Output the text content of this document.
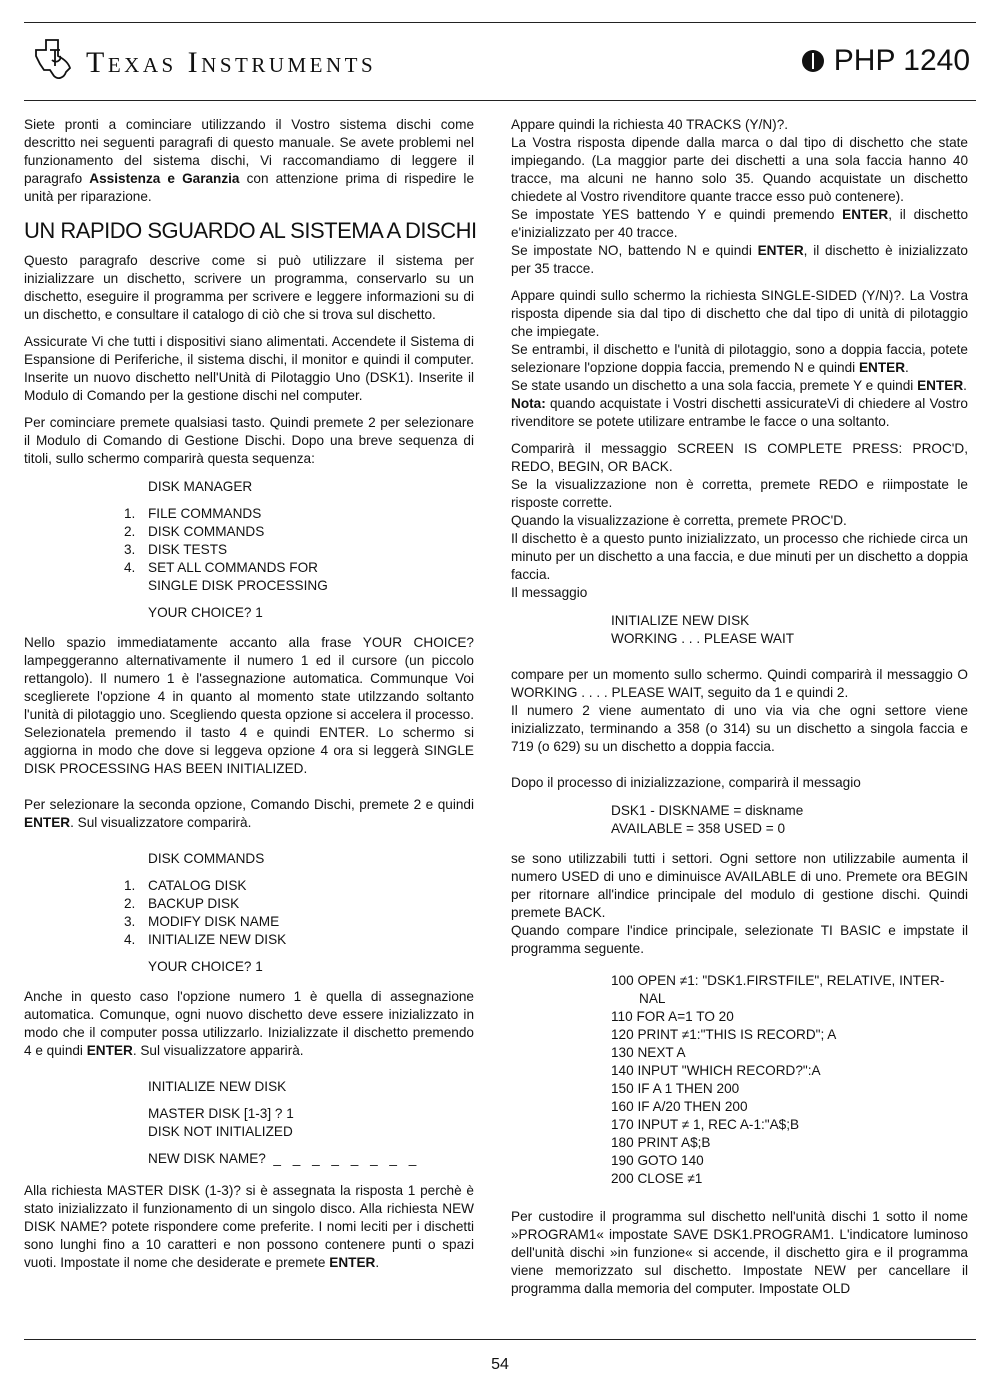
Texas Instruments	PHP 1240

Siete pronti a cominciare utilizzando il Vostro sistema dischi come descritto nei seguenti paragrafi di questo manuale. Se avete problemi nel funzionamento del sistema dischi, Vi raccomandiamo di leggere il paragrafo Assistenza e Garanzia con attenzione prima di rispedire le unità per riparazione.

UN RAPIDO SGUARDO AL SISTEMA A DISCHI

Questo paragrafo descrive come si può utilizzare il sistema per inizializzare un dischetto, scrivere un programma, conservarlo su un dischetto, eseguire il programma per scrivere e leggere informazioni su di un dischetto, e consultare il catalogo di ciò che si trova sul dischetto.

Assicurate Vi che tutti i dispositivi siano alimentati. Accendete il Sistema di Espansione di Periferiche, il sistema dischi, il monitor e quindi il computer. Inserite un nuovo dischetto nell'Unità di Pilotaggio Uno (DSK1). Inserite il Modulo di Comando per la gestione dischi nel computer.

Per cominciare premete qualsiasi tasto. Quindi premete 2 per selezionare il Modulo di Comando di Gestione Dischi. Dopo una breve sequenza di titoli, sullo schermo comparirà questa sequenza:

DISK MANAGER
1. FILE COMMANDS
2. DISK COMMANDS
3. DISK TESTS
4. SET ALL COMMANDS FOR
SINGLE DISK PROCESSING
YOUR CHOICE? 1

Nello spazio immediatamente accanto alla frase YOUR CHOICE? lampeggeranno alternativamente il numero 1 ed il cursore (un piccolo rettangolo). Il numero 1 è l'assegnazione automatica. Communque Voi sceglierete l'opzione 4 in quanto al momento state utilzzando soltanto l'unità di pilotaggio uno. Scegliendo questa opzione si accelera il processo. Selezionatela premendo il tasto 4 e quindi ENTER. Lo schermo si aggiorna in modo che dove si leggeva opzione 4 ora si leggerà SINGLE DISK PROCESSING HAS BEEN INITIALIZED.

Per selezionare la seconda opzione, Comando Dischi, premete 2 e quindi ENTER. Sul visualizzatore comparirà.

DISK COMMANDS
1. CATALOG DISK
2. BACKUP DISK
3. MODIFY DISK NAME
4. INITIALIZE NEW DISK
YOUR CHOICE? 1

Anche in questo caso l'opzione numero 1 è quella di assegnazione automatica. Comunque, ogni nuovo dischetto deve essere inizializzato in modo che il computer possa utilizzarlo. Inizializzate il dischetto premendo 4 e quindi ENTER. Sul visualizzatore apparirà.

INITIALIZE NEW DISK
MASTER DISK [1-3] ? 1
DISK NOT INITIALIZED
NEW DISK NAME? _ _ _ _ _ _ _ _

Alla richiesta MASTER DISK (1-3)? si è assegnata la risposta 1 perchè è stato inizializzato il funzionamento di un singolo disco. Alla richiesta NEW DISK NAME? potete rispondere come preferite. I nomi leciti per i dischetti sono lunghi fino a 10 caratteri e non possono contenere punti o spazi vuoti. Impostate il nome che desiderate e premete ENTER.

Appare quindi la richiesta 40 TRACKS (Y/N)?.

La Vostra risposta dipende dalla marca o dal tipo di dischetto che state impiegando. (La maggior parte dei dischetti a una sola faccia hanno 40 tracce, ma alcuni ne hanno solo 35. Quando acquistate un dischetto chiedete al Vostro rivenditore quante tracce esso può contenere).

Se impostate YES battendo Y e quindi premendo ENTER, il dischetto e'inizializzato per 40 tracce.

Se impostate NO, battendo N e quindi ENTER, il dischetto è inizializzato per 35 tracce.

Appare quindi sullo schermo la richiesta SINGLE-SIDED (Y/N)?. La Vostra risposta dipende sia dal tipo di dischetto che dal tipo di unità di pilotaggio che impiegate.

Se entrambi, il dischetto e l'unità di pilotaggio, sono a doppia faccia, potete selezionare l'opzione doppia faccia, premendo N e quindi ENTER.

Se state usando un dischetto a una sola faccia, premete Y e quindi ENTER.

Nota: quando acquistate i Vostri dischetti assicurateVi di chiedere al Vostro rivenditore se potete utilizare entrambe le facce o una soltanto.

Comparirà il messaggio SCREEN IS COMPLETE PRESS: PROC'D, REDO, BEGIN, OR BACK.

Se la visualizzazione non è corretta, premete REDO e riimpostate le risposte corrette.

Quando la visualizzazione è corretta, premete PROC'D.

Il dischetto è a questo punto inizializzato, un processo che richiede circa un minuto per un dischetto a una faccia, e due minuti per un dischetto a doppia faccia.

Il messaggio

INITIALIZE NEW DISK
WORKING . . . PLEASE WAIT

compare per un momento sullo schermo. Quindi comparirà il messaggio O WORKING . . . . PLEASE WAIT, seguito da 1 e quindi 2.

Il numero 2 viene aumentato di uno via via che ogni settore viene inizializzato, terminando a 358 (o 314) su un dischetto a singola faccia e 719 (o 629) su un dischetto a doppia faccia.

Dopo il processo di inizializzazione, comparirà il messagio

DSK1 - DISKNAME = diskname
AVAILABLE = 358 USED = 0

se sono utilizzabili tutti i settori. Ogni settore non utilizzabile aumenta il numero USED di uno e diminuisce AVAILABLE di uno. Premete ora BEGIN per ritornare all'indice principale del modulo di gestione dischi. Quindi premete BACK.

Quando compare l'indice principale, selezionate TI BASIC e impstate il programma seguente.

100 OPEN ≠1: "DSK1.FIRSTFILE", RELATIVE, INTER-
NAL
110 FOR A=1 TO 20
120 PRINT ≠1:"THIS IS RECORD"; A
130 NEXT A
140 INPUT "WHICH RECORD?":A
150 IF A 1 THEN 200
160 IF A/20 THEN 200
170 INPUT ≠ 1, REC A-1:"A$;B
180 PRINT A$;B
190 GOTO 140
200 CLOSE ≠1

Per custodire il programma sul dischetto nell'unità dischi 1 sotto il nome »PROGRAM1« impostate SAVE DSK1.PROGRAM1. L'indicatore luminoso dell'unità dischi »in funzione« si accende, il dischetto gira e il programma viene memorizzato sul dischetto. Impostate NEW per cancellare il programma dalla memoria del computer. Impostate OLD

54
